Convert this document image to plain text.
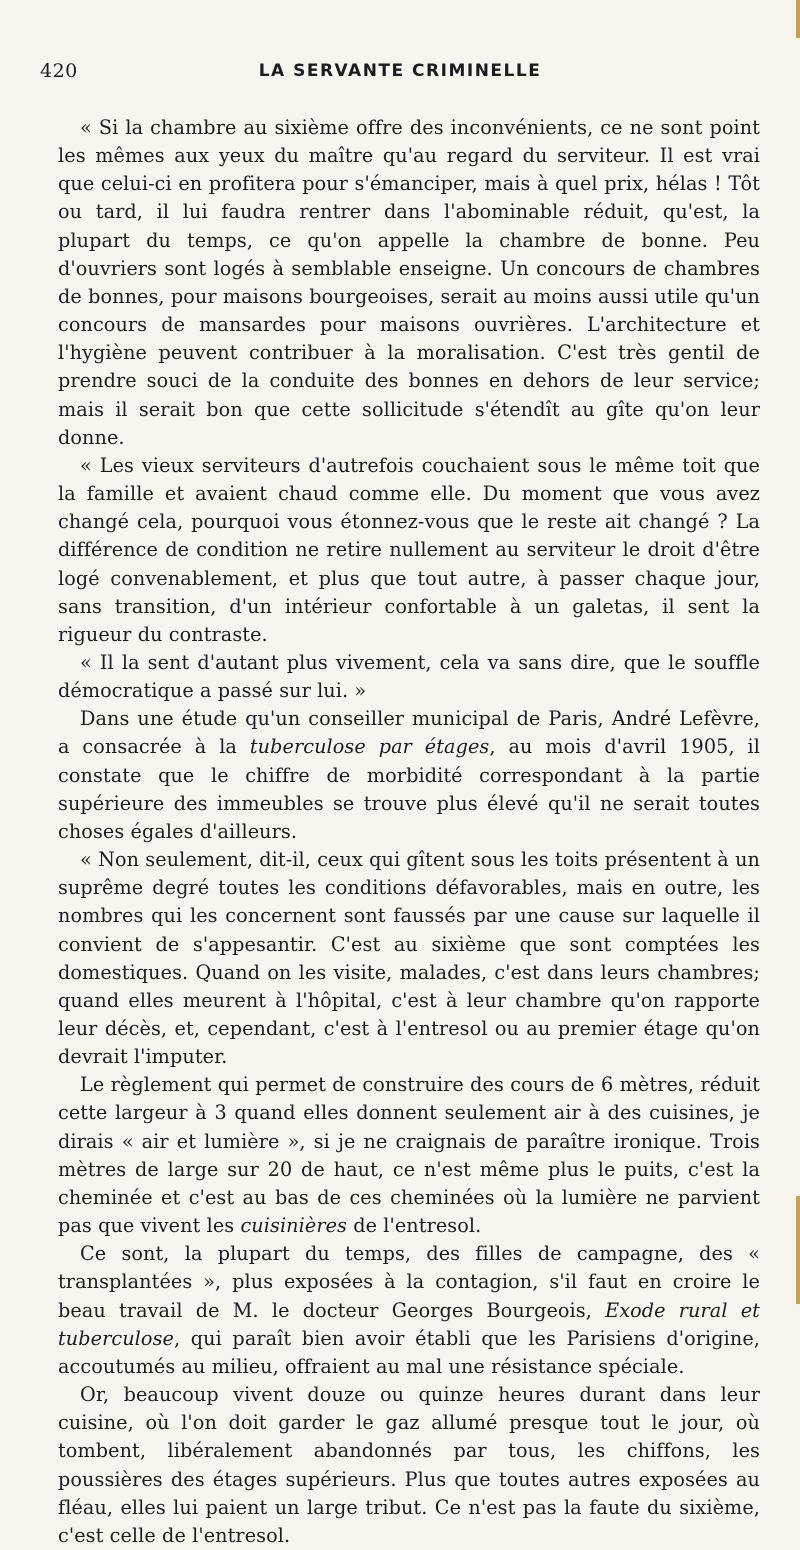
420	LA SERVANTE CRIMINELLE

« Si la chambre au sixième offre des inconvénients, ce ne sont point les mêmes aux yeux du maître qu'au regard du serviteur. Il est vrai que celui-ci en profitera pour s'émanciper, mais à quel prix, hélas ! Tôt ou tard, il lui faudra rentrer dans l'abominable réduit, qu'est, la plupart du temps, ce qu'on appelle la chambre de bonne. Peu d'ouvriers sont logés à semblable enseigne. Un concours de chambres de bonnes, pour maisons bourgeoises, serait au moins aussi utile qu'un concours de mansardes pour maisons ouvrières. L'architecture et l'hygiène peuvent contribuer à la moralisation. C'est très gentil de prendre souci de la conduite des bonnes en dehors de leur service; mais il serait bon que cette sollicitude s'étendît au gîte qu'on leur donne.

« Les vieux serviteurs d'autrefois couchaient sous le même toit que la famille et avaient chaud comme elle. Du moment que vous avez changé cela, pourquoi vous étonnez-vous que le reste ait changé ? La différence de condition ne retire nullement au serviteur le droit d'être logé convenablement, et plus que tout autre, à passer chaque jour, sans transition, d'un intérieur confortable à un galetas, il sent la rigueur du contraste.

« Il la sent d'autant plus vivement, cela va sans dire, que le souffle démocratique a passé sur lui. »

Dans une étude qu'un conseiller municipal de Paris, André Lefèvre, a consacrée à la tuberculose par étages, au mois d'avril 1905, il constate que le chiffre de morbidité correspondant à la partie supérieure des immeubles se trouve plus élevé qu'il ne serait toutes choses égales d'ailleurs.

« Non seulement, dit-il, ceux qui gîtent sous les toits présentent à un suprême degré toutes les conditions défavorables, mais en outre, les nombres qui les concernent sont faussés par une cause sur laquelle il convient de s'appesantir. C'est au sixième que sont comptées les domestiques. Quand on les visite, malades, c'est dans leurs chambres; quand elles meurent à l'hôpital, c'est à leur chambre qu'on rapporte leur décès, et, cependant, c'est à l'entresol ou au premier étage qu'on devrait l'imputer.

Le règlement qui permet de construire des cours de 6 mètres, réduit cette largeur à 3 quand elles donnent seulement air à des cuisines, je dirais « air et lumière », si je ne craignais de paraître ironique. Trois mètres de large sur 20 de haut, ce n'est même plus le puits, c'est la cheminée et c'est au bas de ces cheminées où la lumière ne parvient pas que vivent les cuisinières de l'entresol.

Ce sont, la plupart du temps, des filles de campagne, des « transplantées », plus exposées à la contagion, s'il faut en croire le beau travail de M. le docteur Georges Bourgeois, Exode rural et tuberculose, qui paraît bien avoir établi que les Parisiens d'origine, accoutumés au milieu, offraient au mal une résistance spéciale.

Or, beaucoup vivent douze ou quinze heures durant dans leur cuisine, où l'on doit garder le gaz allumé presque tout le jour, où tombent, libéralement abandonnés par tous, les chiffons, les poussières des étages supérieurs. Plus que toutes autres exposées au fléau, elles lui paient un large tribut. Ce n'est pas la faute du sixième, c'est celle de l'entresol.
